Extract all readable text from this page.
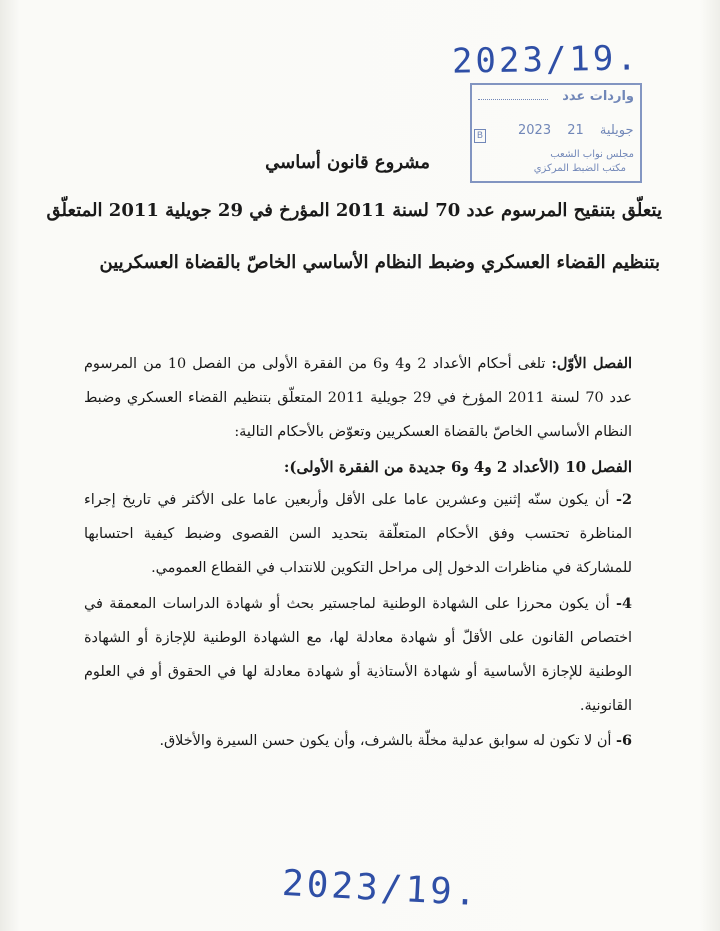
2023/19.
واردات عدد
2023	جويلية 21
B
مجلس نواب الشعب
مكتب الضبط المركزي
مشروع قانون أساسي
يتعلّق بتنقيح المرسوم عدد 70 لسنة 2011 المؤرخ في 29 جويلية 2011 المتعلّق
بتنظيم القضاء العسكري وضبط النظام الأساسي الخاصّ بالقضاة العسكريين
الفصل الأوّل: تلغى أحكام الأعداد 2 و4 و6 من الفقرة الأولى من الفصل 10 من المرسوم عدد 70 لسنة 2011 المؤرخ في 29 جويلية 2011 المتعلّق بتنظيم القضاء العسكري وضبط النظام الأساسي الخاصّ بالقضاة العسكريين وتعوّض بالأحكام التالية:
الفصل 10 (الأعداد 2 و4 و6 جديدة من الفقرة الأولى):
2- أن يكون سنّه إثنين وعشرين عاما على الأقل وأربعين عاما على الأكثر في تاريخ إجراء المناظرة تحتسب وفق الأحكام المتعلّقة بتحديد السن القصوى وضبط كيفية احتسابها للمشاركة في مناظرات الدخول إلى مراحل التكوين للانتداب في القطاع العمومي.
4- أن يكون محرزا على الشهادة الوطنية لماجستير بحث أو شهادة الدراسات المعمقة في اختصاص القانون على الأقلّ أو شهادة معادلة لها، مع الشهادة الوطنية للإجازة أو الشهادة الوطنية للإجازة الأساسية أو شهادة الأستاذية أو شهادة معادلة لها في الحقوق أو في العلوم القانونية.
6- أن لا تكون له سوابق عدلية مخلّة بالشرف، وأن يكون حسن السيرة والأخلاق.
2023/19.
